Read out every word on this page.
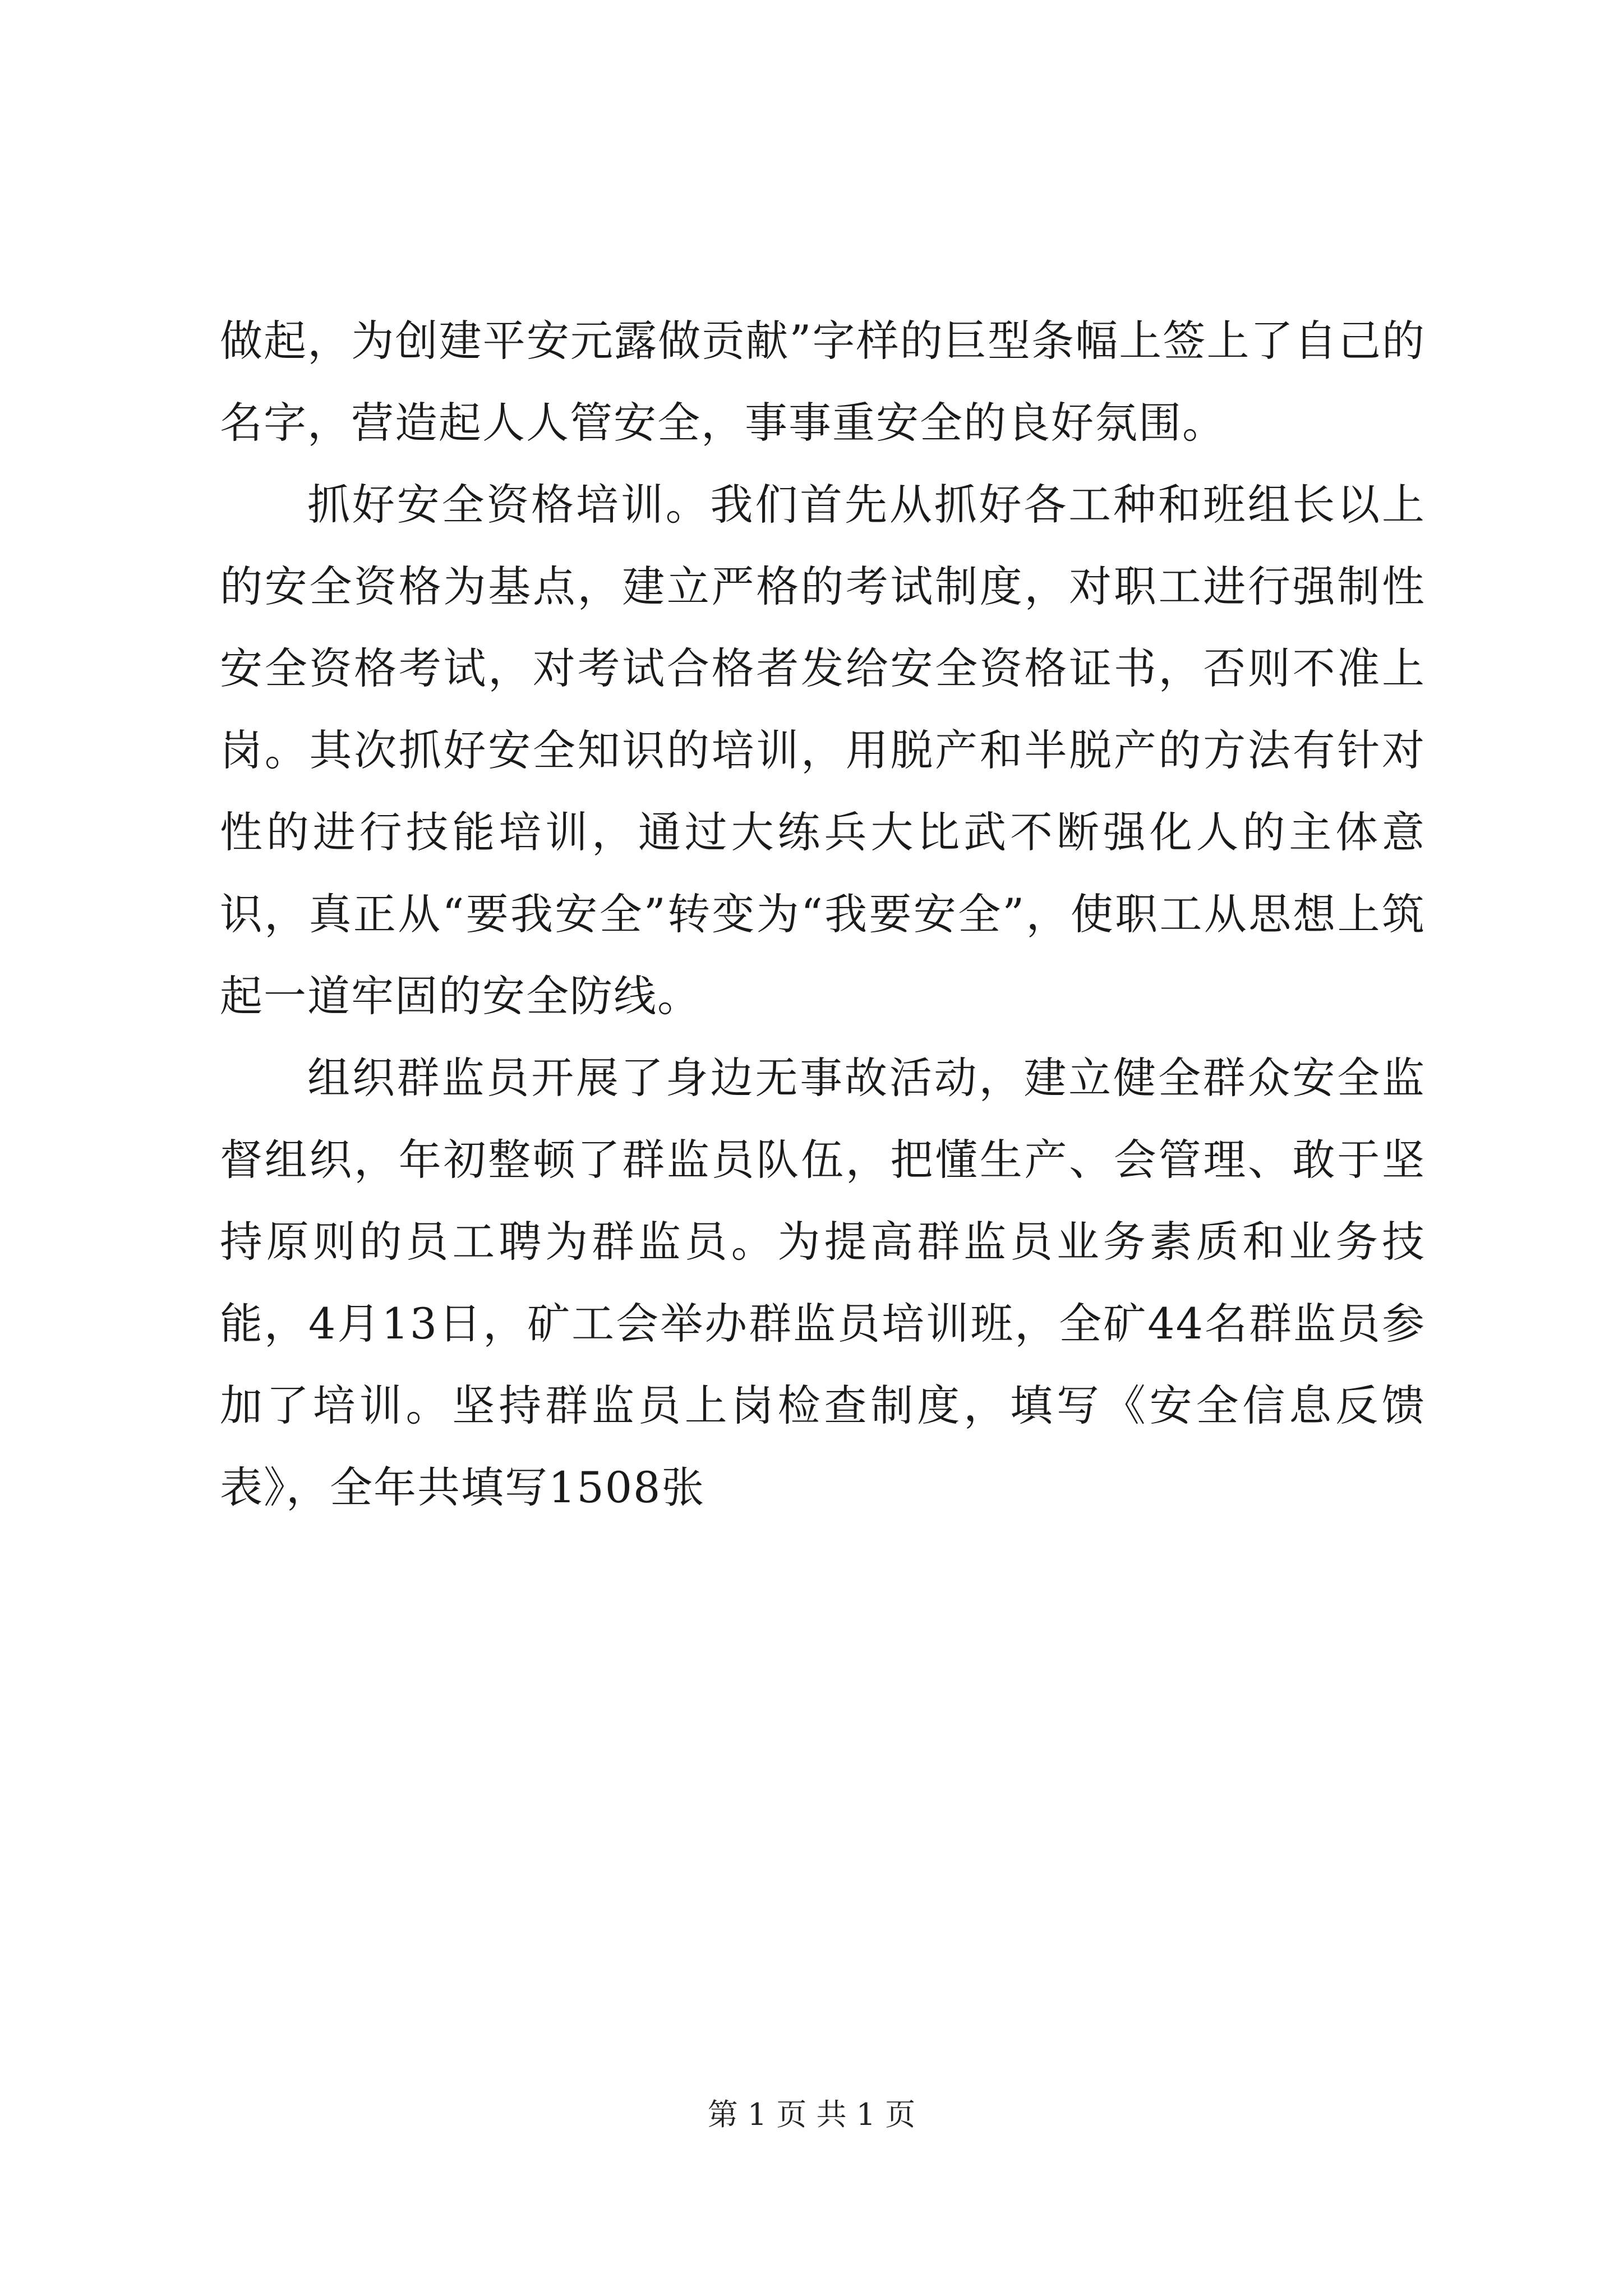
做起，为创建平安元露做贡献”字样的巨型条幅上签上了自己的名字，营造起人人管安全，事事重安全的良好氛围。

抓好安全资格培训。我们首先从抓好各工种和班组长以上的安全资格为基点，建立严格的考试制度，对职工进行强制性安全资格考试，对考试合格者发给安全资格证书，否则不准上岗。其次抓好安全知识的培训，用脱产和半脱产的方法有针对性的进行技能培训，通过大练兵大比武不断强化人的主体意识，真正从“要我安全”转变为“我要安全”，使职工从思想上筑起一道牢固的安全防线。

组织群监员开展了身边无事故活动，建立健全群众安全监督组织，年初整顿了群监员队伍，把懂生产、会管理、敢于坚持原则的员工聘为群监员。为提高群监员业务素质和业务技能，4月13日，矿工会举办群监员培训班，全矿44名群监员参加了培训。坚持群监员上岗检查制度，填写《安全信息反馈表》，全年共填写1508张

第 1 页 共 1 页
